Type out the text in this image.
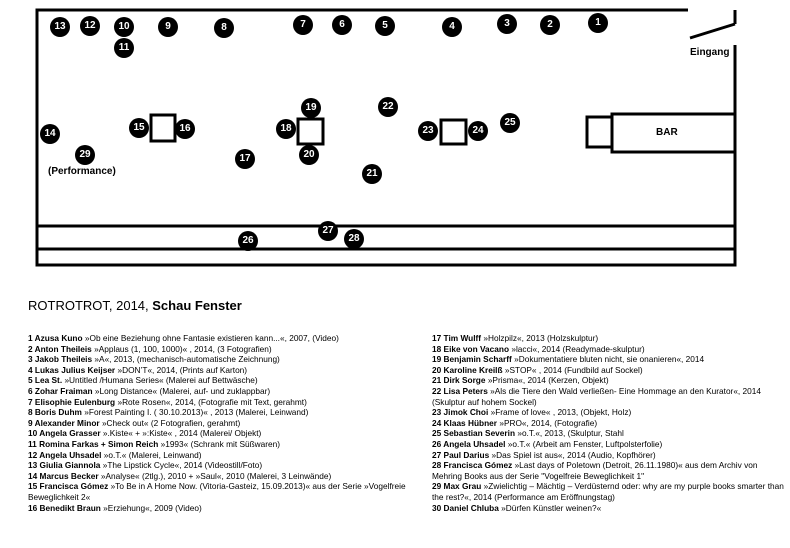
Eingang
BAR
(Performance)
13	12	10
11
9	8	7	6	5	4	3	2	1
19	22
18
20
15	16	23	24
25
14
29	17
21
27
28
26
ROTROTROT, 2014, Schau Fenster
1 Azusa Kuno »Ob eine Beziehung ohne Fantasie existieren kann...«, 2007, (Video)
2 Anton Theileis »Applaus (1, 100, 1000)« , 2014, (3 Fotografien)
3 Jakob Theileis »A«, 2013, (mechanisch-automatische Zeichnung)
4 Lukas Julius Keijser »DON’T«, 2014, (Prints auf Karton)
5 Lea St. »Untitled /Humana Series« (Malerei auf Bettwäsche)
6 Zohar Fraiman »Long Distance« (Malerei, auf- und zuklappbar)
7 Elisophie Eulenburg »Rote Rosen«, 2014, (Fotografie mit Text, gerahmt)
8 Boris Duhm »Forest Painting I. ( 30.10.2013)« , 2013 (Malerei, Leinwand)
9 Alexander Minor »Check out« (2 Fotografien, gerahmt)
10 Angela Grasser ».Kiste« + »:Kiste« , 2014 (Malerei/ Objekt)
11 Romina Farkas + Simon Reich »1993« (Schrank mit Süßwaren)
12 Angela Uhsadel »o.T.« (Malerei, Leinwand)
13 Giulia Giannola »The Lipstick Cycle«, 2014 (Videostill/Foto)
14 Marcus Becker »Analyse« (2tlg.), 2010 + »Saul«, 2010 (Malerei, 3 Leinwände)
15 Francisca Gómez »To Be in A Home Now. (Vitoria-Gasteiz, 15.09.2013)« aus der Serie »Vogelfreie Beweglichkeit 2«
16 Benedikt Braun »Erziehung«, 2009 (Video)
17 Tim Wulff »Holzpilz«, 2013 (Holzskulptur)
18 Eike von Vacano »lacci«, 2014 (Readymade-skulptur)
19 Benjamin Scharff »Dokumentatiere bluten nicht, sie onanieren«, 2014
20 Karoline Kreilß »STOP« , 2014 (Fundbild auf Sockel)
21 Dirk Sorge »Prisma«, 2014 (Kerzen, Objekt)
22 Lisa Peters »Als die Tiere den Wald verließen- Eine Hommage an den Kurator«, 2014 (Skulptur auf hohem Sockel)
23 Jimok Choi »Frame of love« , 2013, (Objekt, Holz)
24 Klaas Hübner »PRO«, 2014, (Fotografie)
25 Sebastian Severin »o.T.«, 2013, (Skulptur, Stahl
26 Angela Uhsadel »o.T.« (Arbeit am Fenster, Luftpolsterfolie)
27 Paul Darius »Das Spiel ist aus«, 2014 (Audio, Kopfhörer)
28 Francisca Gómez »Last days of Poletown (Detroit, 26.11.1980)« aus dem Archiv von Mehring Books aus der Serie "Vogelfreie Beweglichkeit 1"
29 Max Grau »Zwielichtig – Mächtig – Verdüsternd oder: why are my purple books smarter than the rest?«, 2014 (Performance am Eröffnungstag)
30 Daniel Chluba »Dürfen Künstler weinen?«
